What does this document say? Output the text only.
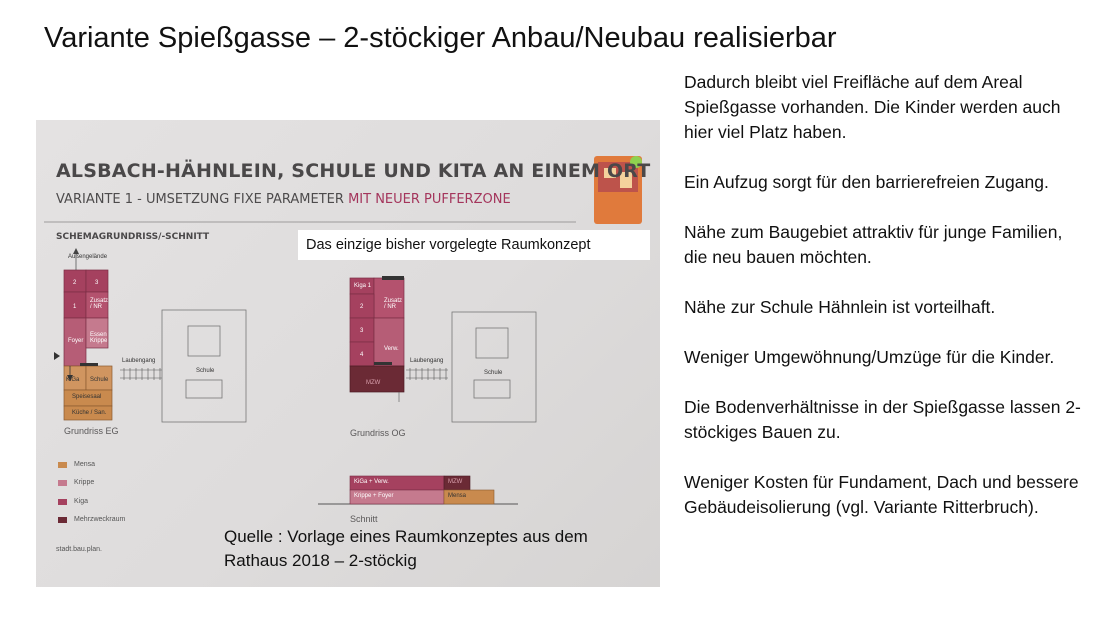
Variante Spießgasse – 2-stöckiger Anbau/Neubau realisierbar

Dadurch bleibt viel Freifläche auf dem Areal Spießgasse vorhanden. Die Kinder werden auch hier viel Platz haben.

Ein Aufzug sorgt für den barrierefreien Zugang.

Nähe zum Baugebiet attraktiv für junge Familien, die neu bauen möchten.

Nähe zur Schule Hähnlein ist vorteilhaft.

Weniger Umgewöhnung/Umzüge für die Kinder.

Die Bodenverhältnisse in der Spießgasse lassen 2-stöckiges Bauen zu.

Weniger Kosten für Fundament, Dach und bessere Gebäudeisolierung (vgl. Variante Ritterbruch).

ALSBACH-HÄHNLEIN, SCHULE UND KITA AN EINEM ORT
VARIANTE 1 - UMSETZUNG FIXE PARAMETER MIT NEUER PUFFERZONE
SCHEMAGRUNDRISS/-SCHNITT
Außengelände
2	3
1
Zusatz / NR
Foyer
Essen Krippe
KiGa Schule
Speisesaal
Küche / San.
Laubengang
Schule
Kiga 1
Zusatz / NR
2
3
4
Verw.
MZW
Laubengang
Schule
Grundriss EG	Grundriss OG
Schnitt
KiGa + Verw.	MZW
Krippe + Foyer	Mensa
Mensa
Krippe
Kiga
Mehrzweckraum
stadt.bau.plan.
Das einzige bisher vorgelegte Raumkonzept
Quelle : Vorlage eines Raumkonzeptes aus dem Rathaus 2018 – 2-stöckig
